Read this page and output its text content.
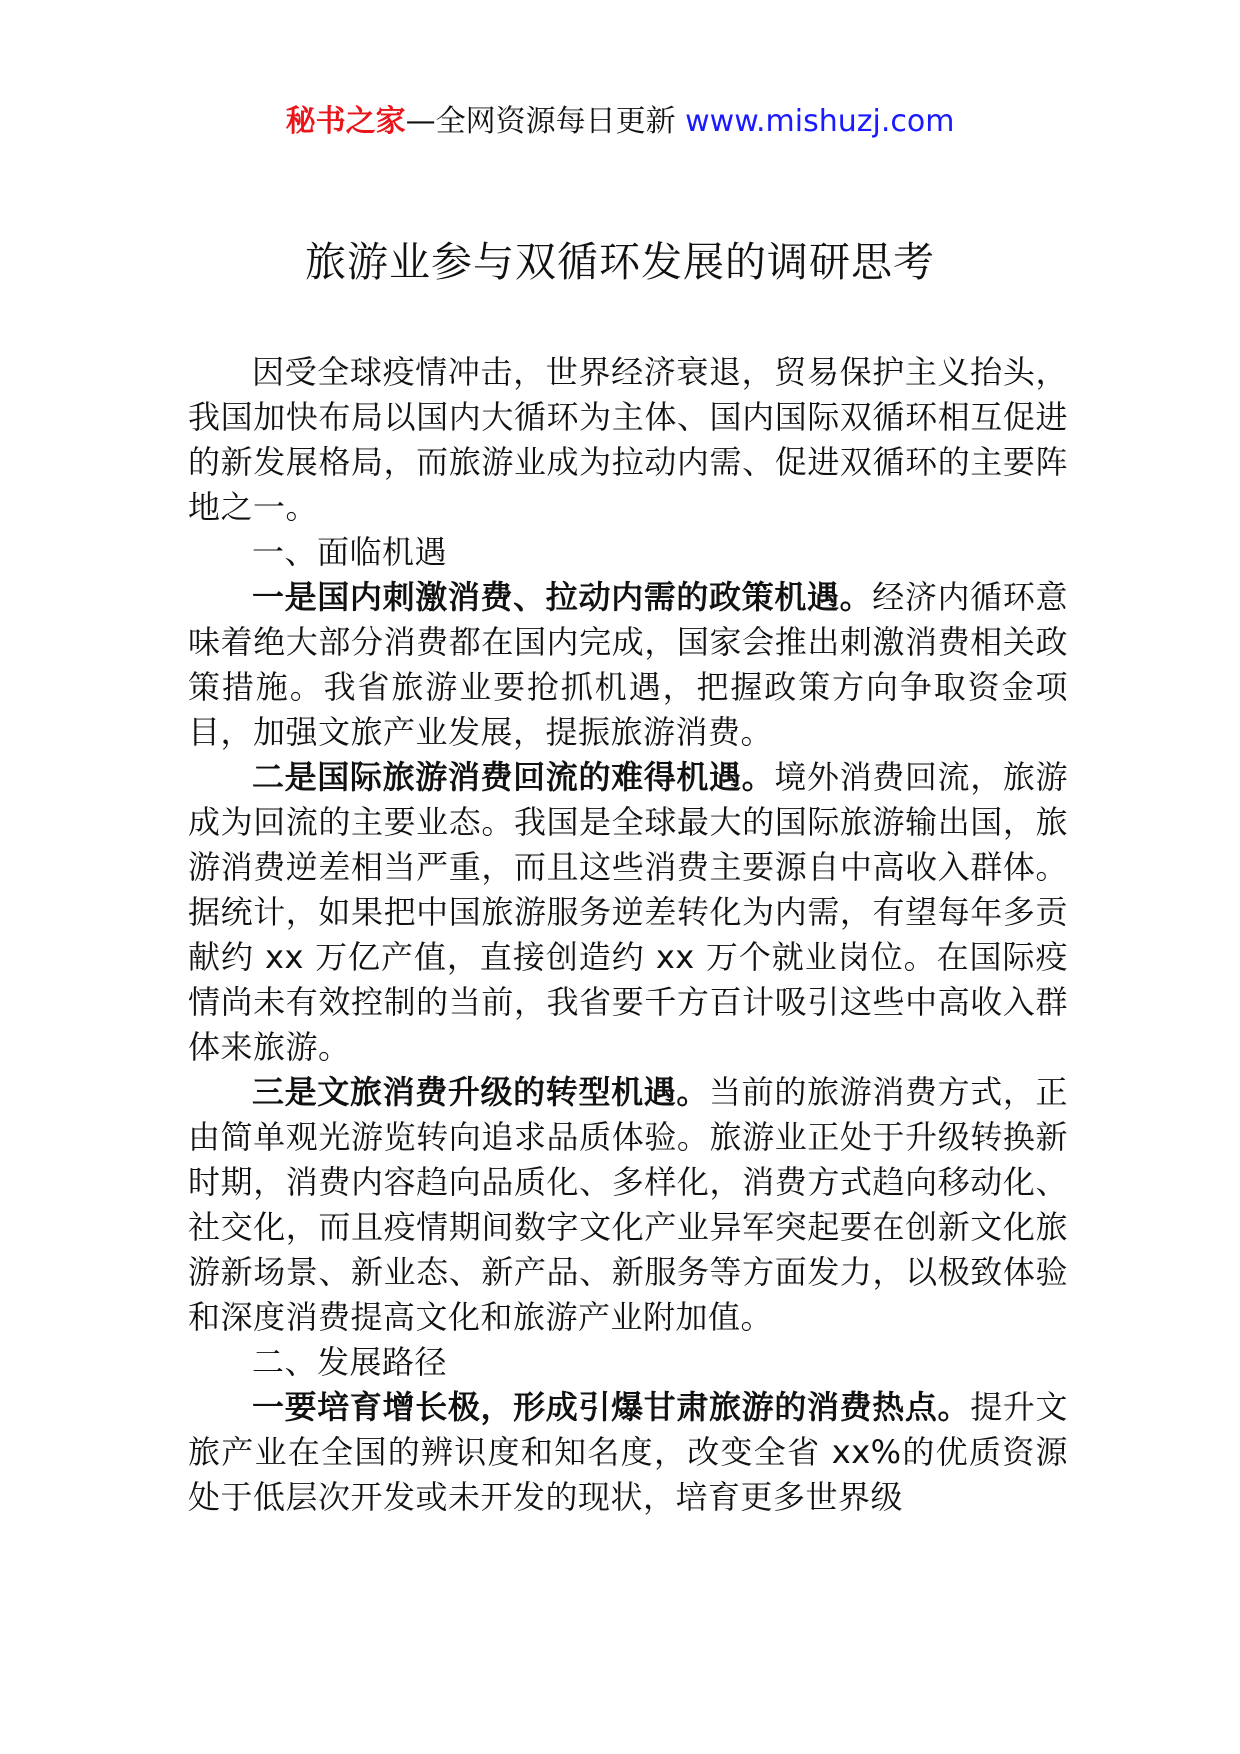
秘书之家—全网资源每日更新 www.mishuzj.com
旅游业参与双循环发展的调研思考

因受全球疫情冲击，世界经济衰退，贸易保护主义抬头，我国加快布局以国内大循环为主体、国内国际双循环相互促进的新发展格局，而旅游业成为拉动内需、促进双循环的主要阵地之一。

一、面临机遇

一是国内刺激消费、拉动内需的政策机遇。经济内循环意味着绝大部分消费都在国内完成，国家会推出刺激消费相关政策措施。我省旅游业要抢抓机遇，把握政策方向争取资金项目，加强文旅产业发展，提振旅游消费。

二是国际旅游消费回流的难得机遇。境外消费回流，旅游成为回流的主要业态。我国是全球最大的国际旅游输出国，旅游消费逆差相当严重，而且这些消费主要源自中高收入群体。据统计，如果把中国旅游服务逆差转化为内需，有望每年多贡献约 xx 万亿产值，直接创造约 xx 万个就业岗位。在国际疫情尚未有效控制的当前，我省要千方百计吸引这些中高收入群体来旅游。

三是文旅消费升级的转型机遇。当前的旅游消费方式，正由简单观光游览转向追求品质体验。旅游业正处于升级转换新时期，消费内容趋向品质化、多样化，消费方式趋向移动化、社交化，而且疫情期间数字文化产业异军突起要在创新文化旅游新场景、新业态、新产品、新服务等方面发力，以极致体验和深度消费提高文化和旅游产业附加值。

二、发展路径

一要培育增长极，形成引爆甘肃旅游的消费热点。提升文旅产业在全国的辨识度和知名度，改变全省 xx%的优质资源处于低层次开发或未开发的现状，培育更多世界级
